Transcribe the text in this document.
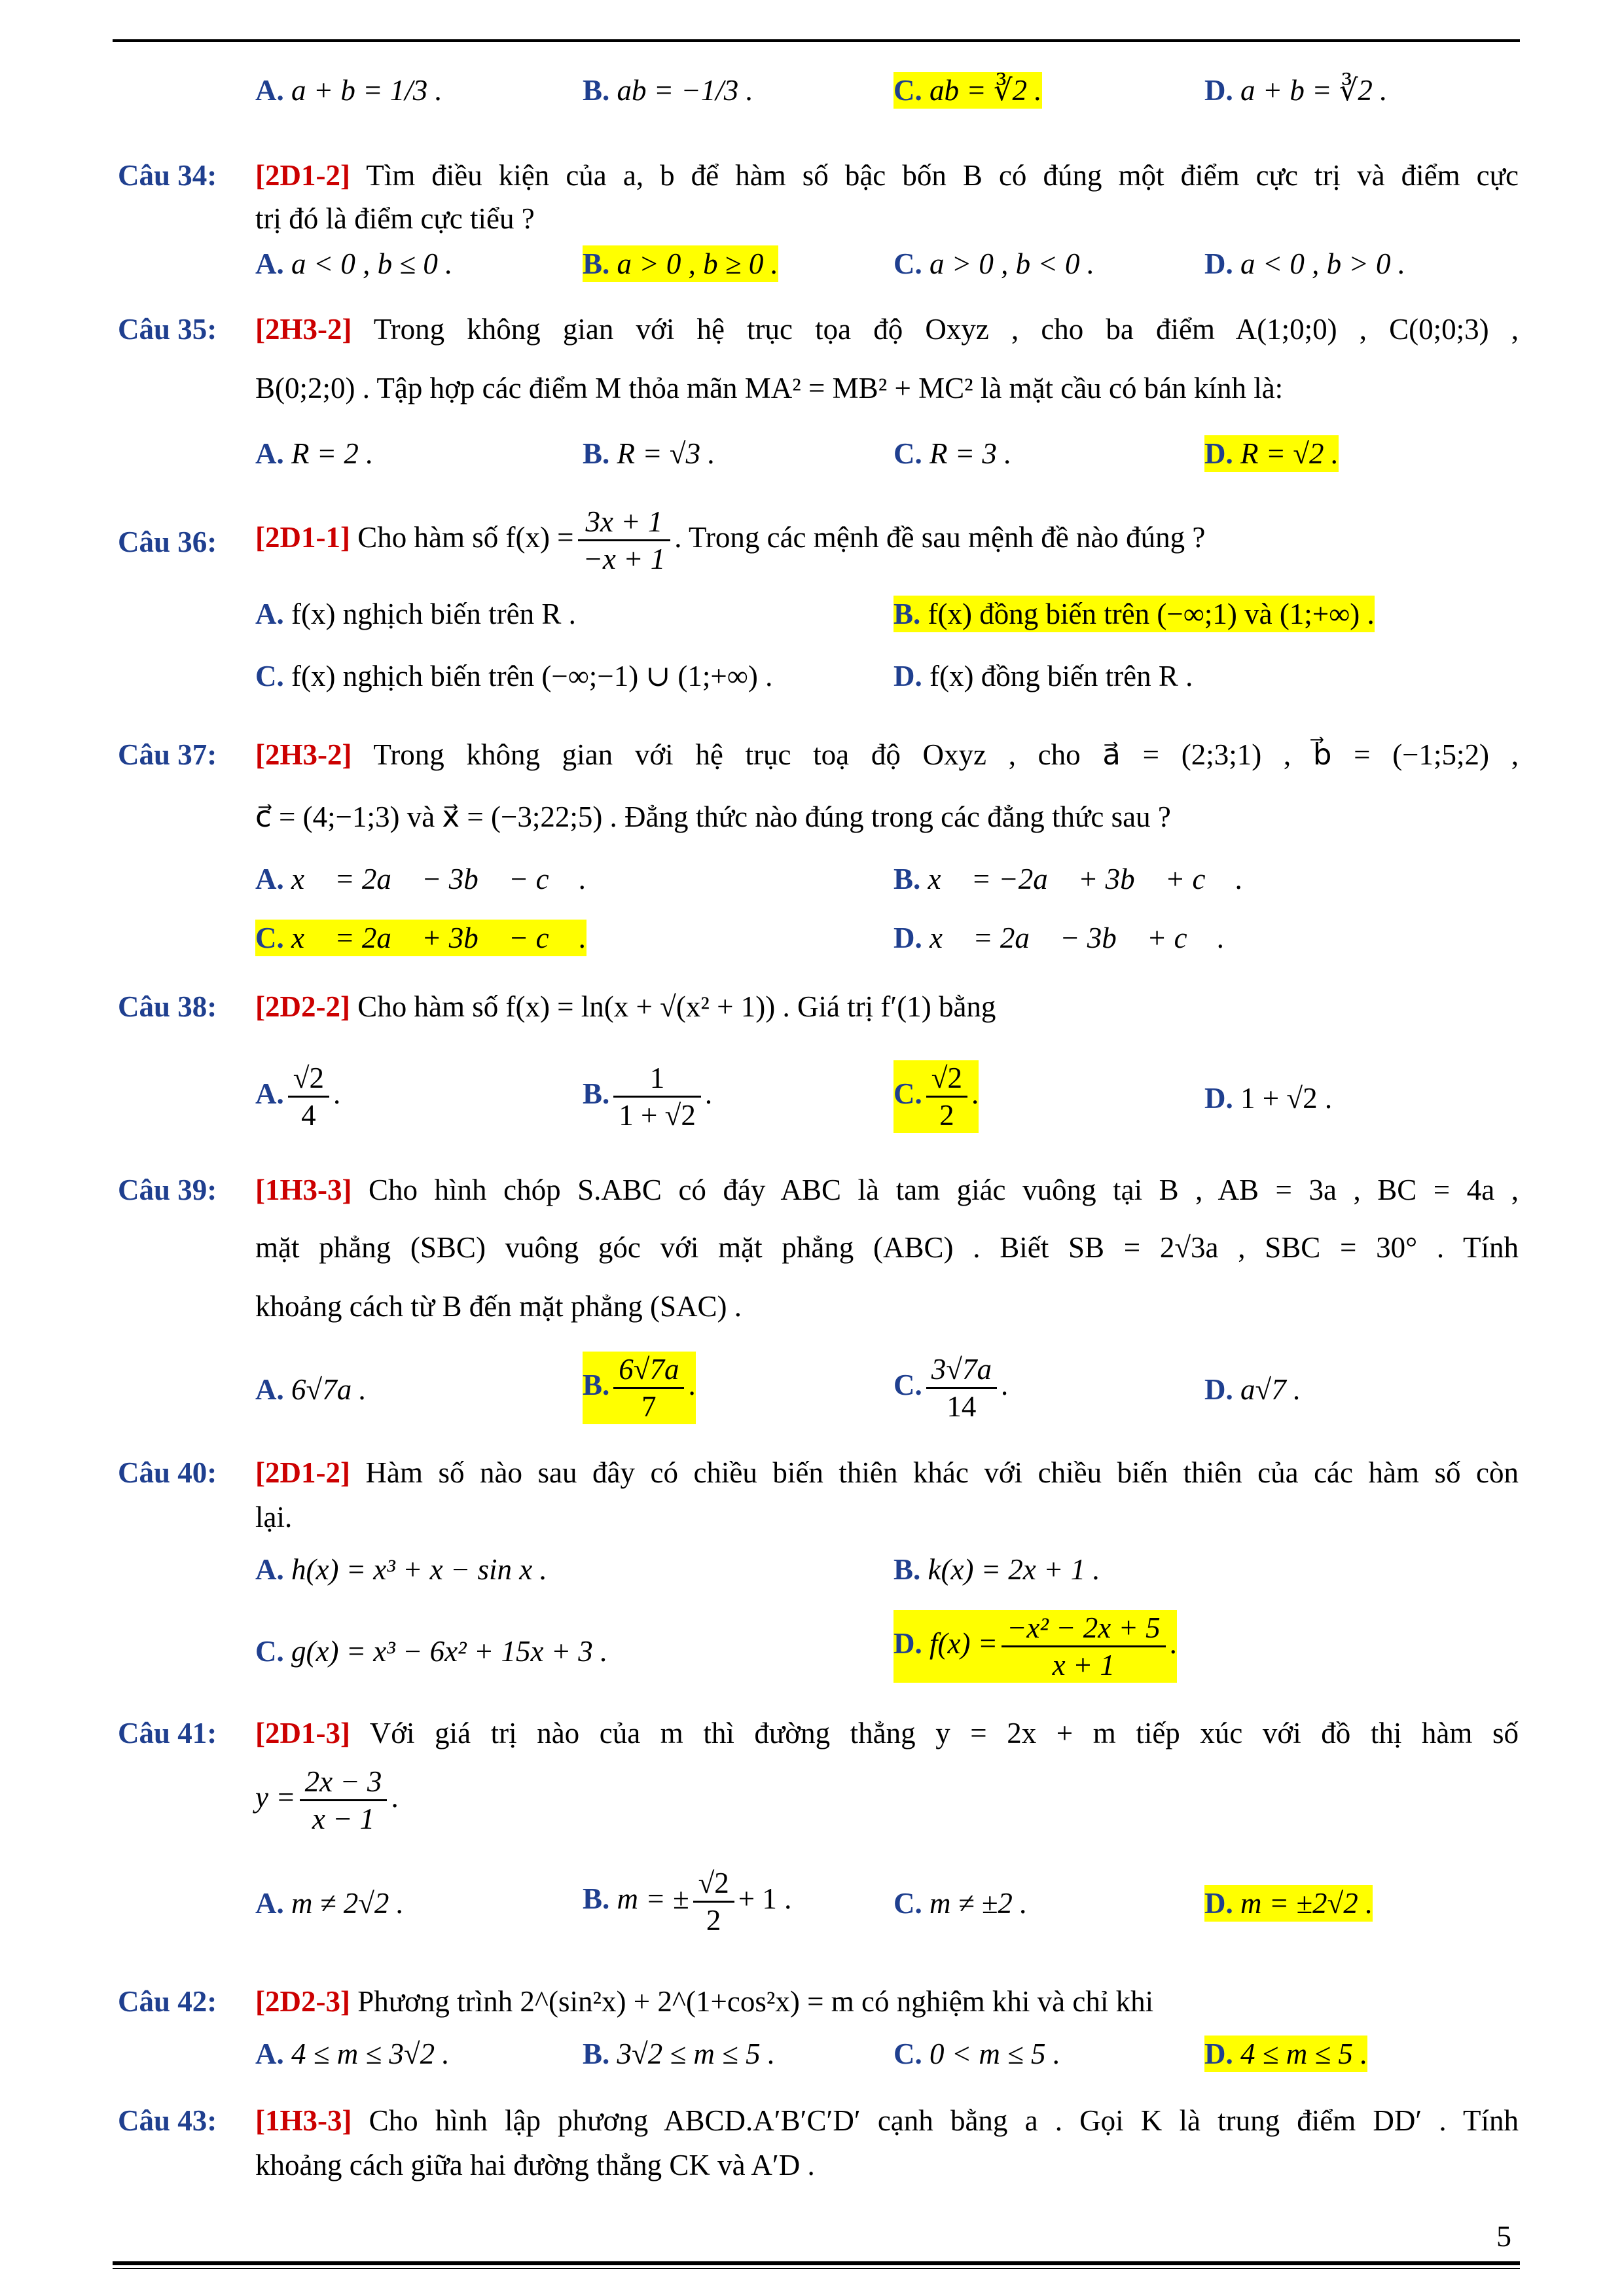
A. a + b = 1/3 .	B. ab = −1/3 .	C. ab = ∛2 .	D. a + b = ∛2 .
Câu 34: [2D1-2] Tìm điều kiện của a, b để hàm số bậc bốn B có đúng một điểm cực trị và điểm cực
trị đó là điểm cực tiểu ?
A. a < 0 , b ≤ 0 .	B. a > 0 , b ≥ 0 .	C. a > 0 , b < 0 .	D. a < 0 , b > 0 .
Câu 35: [2H3-2] Trong không gian với hệ trục tọa độ Oxyz , cho ba điểm A(1;0;0) , C(0;0;3) ,
B(0;2;0) . Tập hợp các điểm M thỏa mãn MA² = MB² + MC² là mặt cầu có bán kính là:
A. R = 2 .	B. R = √3 .	C. R = 3 .	D. R = √2 .
Câu 36: [2D1-1] Cho hàm số $f(x) = \frac{3x + 1}{-x + 1}$ . Trong các mệnh đề sau mệnh đề nào đúng ?
A. f(x) nghịch biến trên R .	B. f(x) đồng biến trên (−∞;1) và (1;+∞) .
C. f(x) nghịch biến trên (−∞;−1) ∪ (1;+∞) .	D. f(x) đồng biến trên R .
Câu 37: [2H3-2] Trong không gian với hệ trục toạ độ Oxyz , cho a⃗ = (2;3;1) , b⃗ = (−1;5;2) ,
c⃗ = (4;−1;3) và x⃗ = (−3;22;5) . Đẳng thức nào đúng trong các đẳng thức sau ?
A. x⃗ = 2a⃗ − 3b⃗ − c⃗ .	B. x⃗ = −2a⃗ + 3b⃗ + c⃗ .
C. x⃗ = 2a⃗ + 3b⃗ − c⃗ .	D. x⃗ = 2a⃗ − 3b⃗ + c⃗ .
Câu 38: [2D2-2] Cho hàm số f(x) = ln(x + √(x² + 1)) . Giá trị f′(1) bằng
A. $\frac{√2}{4}$ .	B. $\frac{1}{1 + √2}$ .	C. $\frac{√2}{2}$ .	D. 1 + √2 .
Câu 39: [1H3-3] Cho hình chóp S.ABC có đáy ABC là tam giác vuông tại B , AB = 3a , BC = 4a ,
mặt phẳng (SBC) vuông góc với mặt phẳng (ABC) . Biết SB = 2√3a , SBC = 30° . Tính
khoảng cách từ B đến mặt phẳng (SAC) .
A. 6√7a .	B. $\frac{6√7a}{7}$ .	C. $\frac{3√7a}{14}$ .	D. a√7 .
Câu 40: [2D1-2] Hàm số nào sau đây có chiều biến thiên khác với chiều biến thiên của các hàm số còn
lại.
A. h(x) = x³ + x − sin x .	B. k(x) = 2x + 1 .
C. g(x) = x³ − 6x² + 15x + 3 .	D. $f(x) = \frac{\text{−x² − 2x + 5}}{x + 1}$ .
Câu 41: [2D1-3] Với giá trị nào của m thì đường thẳng y = 2x + m tiếp xúc với đồ thị hàm số
$y = \frac{2x - 3}{x - 1}$ .
A. m ≠ 2√2 .	B. m = ± $\frac{√2}{2} + 1$ .	C. m ≠ ±2 .	D. m = ±2√2 .
Câu 42: [2D2-3] Phương trình 2^(sin²x) + 2^(1+cos²x) = m có nghiệm khi và chỉ khi
A. 4 ≤ m ≤ 3√2 .	B. 3√2 ≤ m ≤ 5 .	C. 0 < m ≤ 5 .	D. 4 ≤ m ≤ 5 .
Câu 43: [1H3-3] Cho hình lập phương ABCD.A′B′C′D′ cạnh bằng a . Gọi K là trung điểm DD′ . Tính
khoảng cách giữa hai đường thẳng CK và A′D .
5
